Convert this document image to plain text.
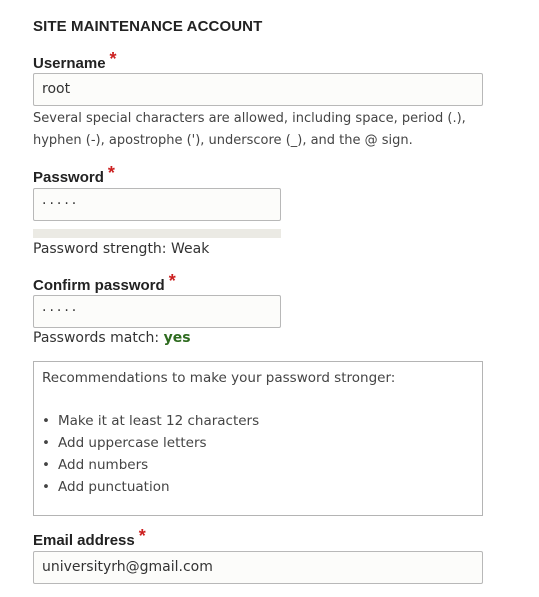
SITE MAINTENANCE ACCOUNT
Username *
root
Several special characters are allowed, including space, period (.), hyphen (-), apostrophe ('), underscore (_), and the @ sign.
Password *
·····
Password strength: Weak
Confirm password *
·····
Passwords match: yes
Recommendations to make your password stronger:
• Make it at least 12 characters
• Add uppercase letters
• Add numbers
• Add punctuation
Email address *
universityrh@gmail.com
